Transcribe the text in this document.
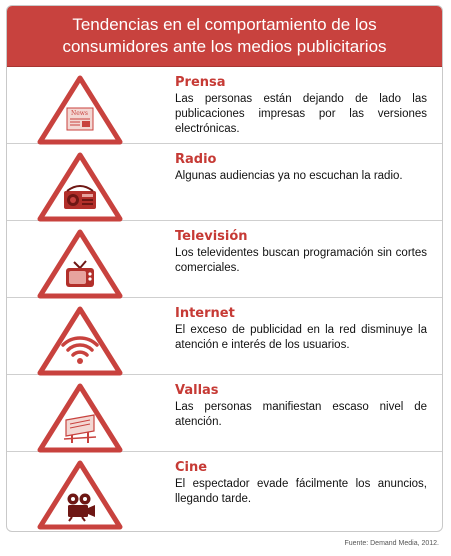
Tendencias en el comportamiento de los
consumidores ante los medios publicitarios
News
Prensa
Las personas están dejando de lado las publicaciones impresas por las versiones electrónicas.
Radio
Algunas audiencias ya no escuchan la radio.
Televisión
Los televidentes buscan programación sin cortes comerciales.
Internet
El exceso de publicidad en la red disminuye la atención e interés de los usuarios.
Vallas
Las personas manifiestan escaso nivel de atención.
Cine
El espectador evade fácilmente los anuncios, llegando tarde.
Fuente: Demand Media, 2012.
